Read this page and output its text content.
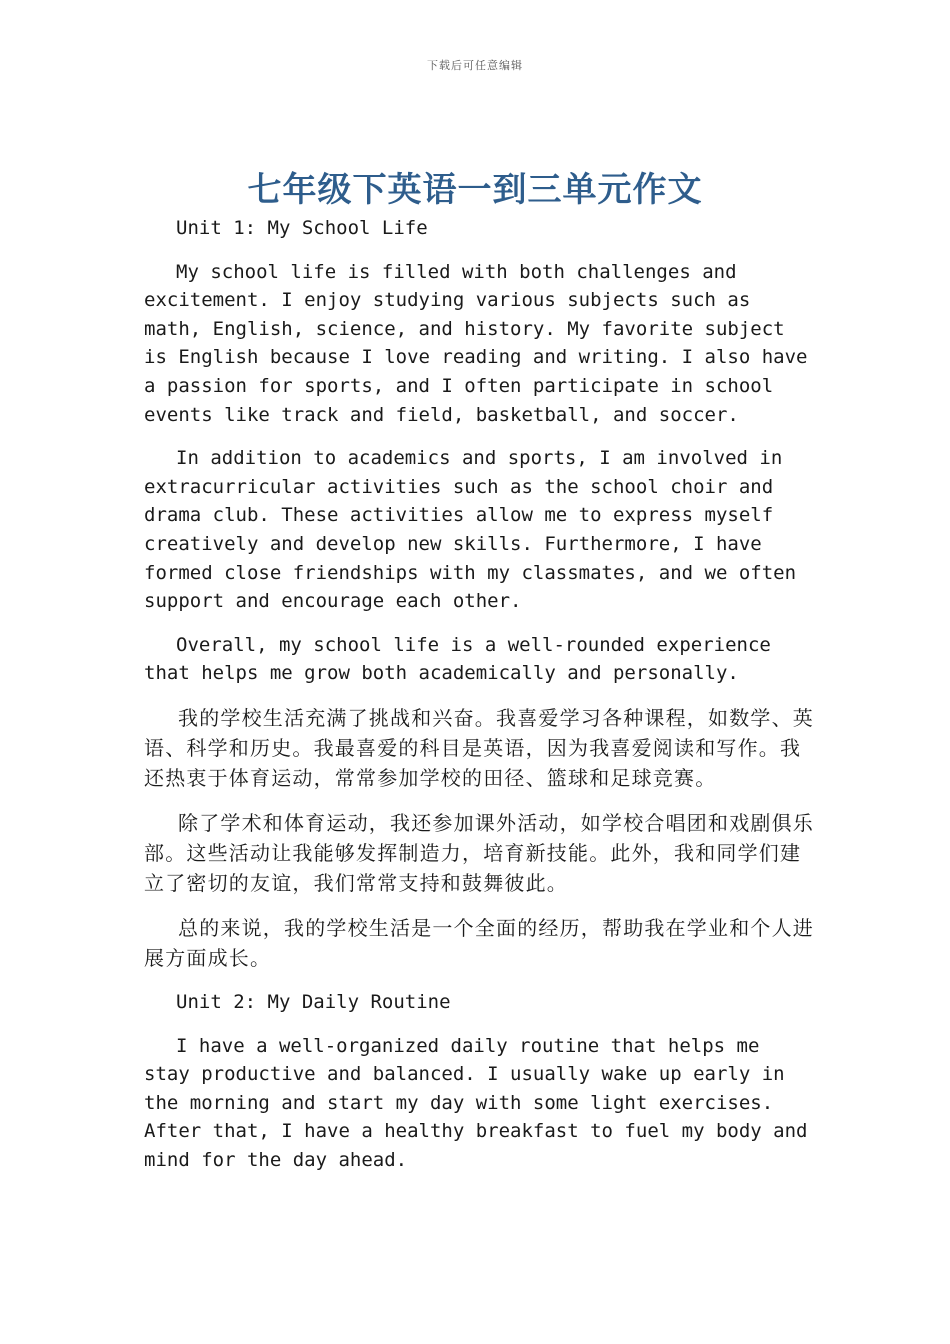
下载后可任意编辑
七年级下英语一到三单元作文

Unit 1: My School Life

My school life is filled with both challenges and excitement. I enjoy studying various subjects such as math, English, science, and history. My favorite subject is English because I love reading and writing. I also have a passion for sports, and I often participate in school events like track and field, basketball, and soccer.

In addition to academics and sports, I am involved in extracurricular activities such as the school choir and drama club. These activities allow me to express myself creatively and develop new skills. Furthermore, I have formed close friendships with my classmates, and we often support and encourage each other.

Overall, my school life is a well-rounded experience that helps me grow both academically and personally.

我的学校生活充满了挑战和兴奋。我喜爱学习各种课程，如数学、英语、科学和历史。我最喜爱的科目是英语，因为我喜爱阅读和写作。我还热衷于体育运动，常常参加学校的田径、篮球和足球竞赛。

除了学术和体育运动，我还参加课外活动，如学校合唱团和戏剧俱乐部。这些活动让我能够发挥制造力，培育新技能。此外，我和同学们建立了密切的友谊，我们常常支持和鼓舞彼此。

总的来说，我的学校生活是一个全面的经历，帮助我在学业和个人进展方面成长。

Unit 2: My Daily Routine

I have a well-organized daily routine that helps me stay productive and balanced. I usually wake up early in the morning and start my day with some light exercises. After that, I have a healthy breakfast to fuel my body and mind for the day ahead.
